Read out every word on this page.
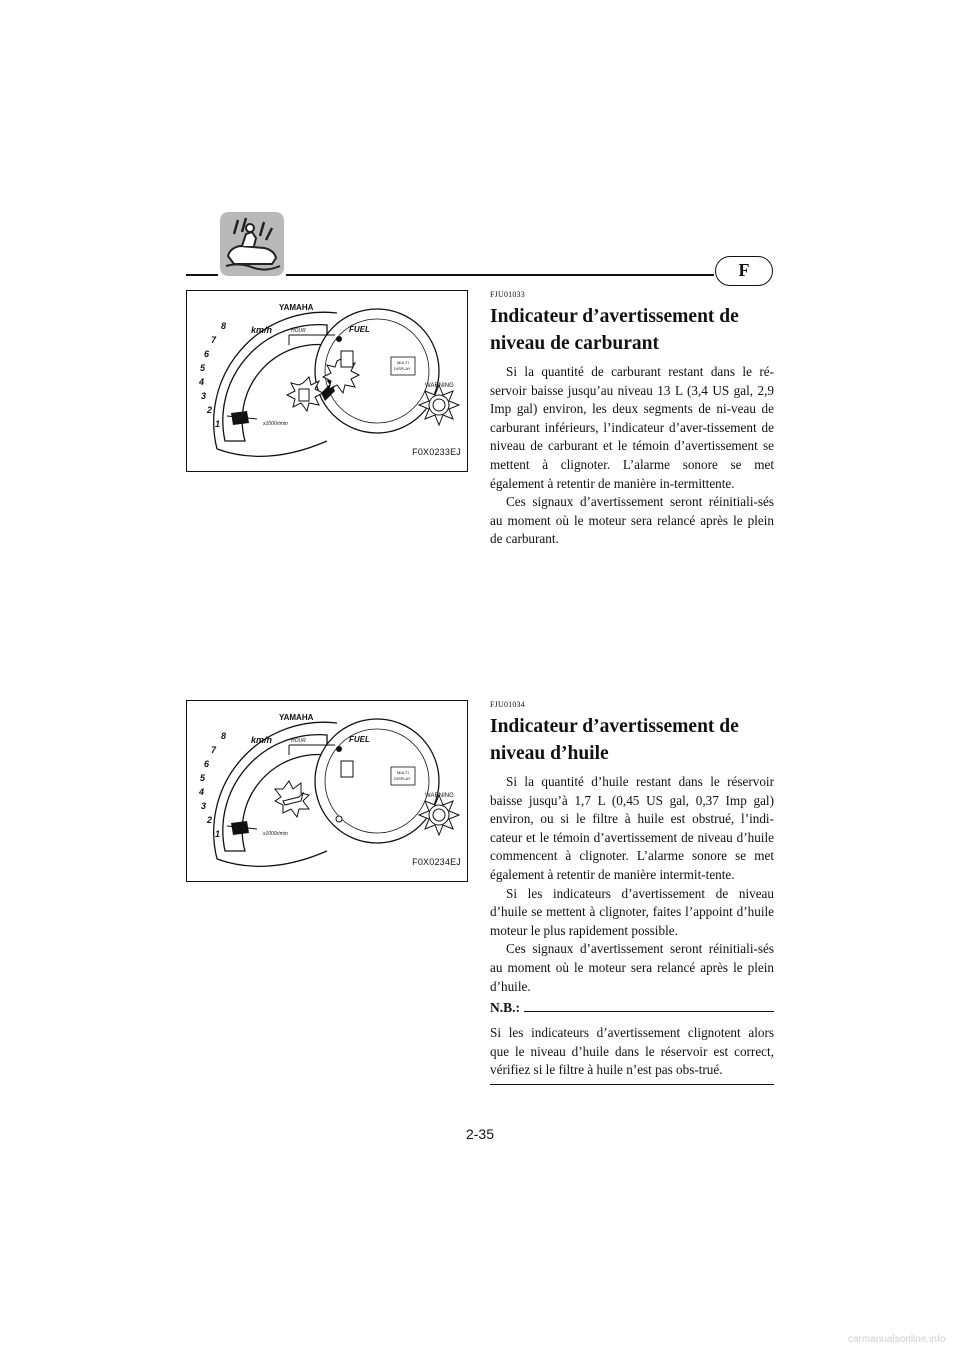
F
YAMAHA
km/h	HOUR	FUEL
MULTI
DISPLAY
WARNING
x1000r/min
8
7
6
5
4
3
2
1
F0X0233EJ

FJU01033

Indicateur d’avertissement de niveau de carburant

Si la quantité de carburant restant dans le ré-servoir baisse jusqu’au niveau 13 L (3,4 US gal, 2,9 Imp gal) environ, les deux segments de ni-veau de carburant inférieurs, l’indicateur d’aver-tissement de niveau de carburant et le témoin d’avertissement se mettent à clignoter. L’alarme sonore se met également à retentir de manière in-termittente.

Ces signaux d’avertissement seront réinitiali-sés au moment où le moteur sera relancé après le plein de carburant.

YAMAHA
km/h	HOUR	FUEL
MULTI
DISPLAY
WARNING
x1000r/min
8
7
6
5
4
3
2
1
F0X0234EJ

FJU01034

Indicateur d’avertissement de niveau d’huile

Si la quantité d’huile restant dans le réservoir baisse jusqu’à 1,7 L (0,45 US gal, 0,37 Imp gal) environ, ou si le filtre à huile est obstrué, l’indi-cateur et le témoin d’avertissement de niveau d’huile commencent à clignoter. L’alarme sonore se met également à retentir de manière intermit-tente.

Si les indicateurs d’avertissement de niveau d’huile se mettent à clignoter, faites l’appoint d’huile moteur le plus rapidement possible.

Ces signaux d’avertissement seront réinitiali-sés au moment où le moteur sera relancé après le plein d’huile.

N.B.:

Si les indicateurs d’avertissement clignotent alors que le niveau d’huile dans le réservoir est correct, vérifiez si le filtre à huile n’est pas obs-trué.

2-35
carmanualsonline.info
